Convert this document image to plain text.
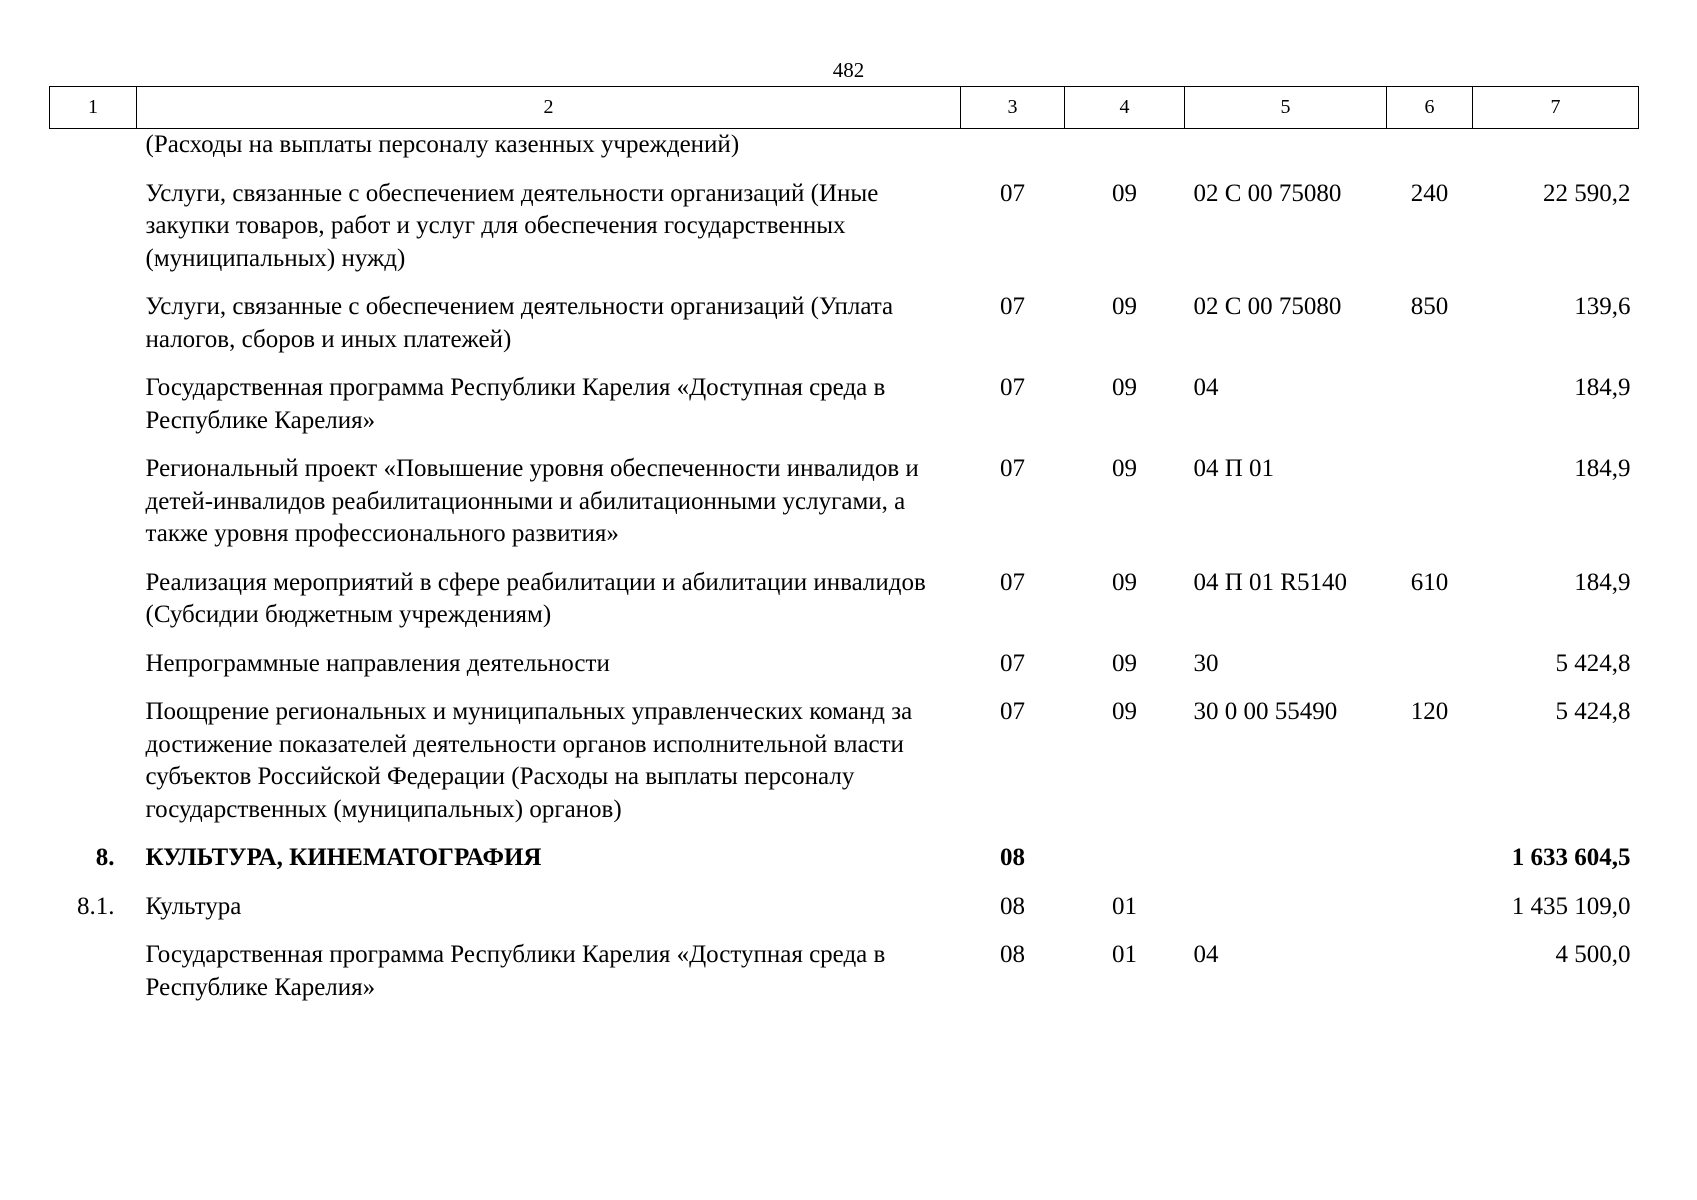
482
1	2	3	4	5	6	7
	(Расходы на выплаты персоналу казенных учреждений)					
	Услуги, связанные с обеспечением деятельности организаций (Иные закупки товаров, работ и услуг для обеспечения государственных (муниципальных) нужд)	07	09	02 С 00 75080	240	22 590,2
	Услуги, связанные с обеспечением деятельности организаций (Уплата налогов, сборов и иных платежей)	07	09	02 С 00 75080	850	139,6
	Государственная программа Республики Карелия «Доступная среда в Республике Карелия»	07	09	04		184,9
	Региональный проект «Повышение уровня обеспеченности инвалидов и детей-инвалидов реабилитационными и абилитационными услугами, а также уровня профессионального развития»	07	09	04 П 01		184,9
	Реализация мероприятий в сфере реабилитации и абилитации инвалидов (Субсидии бюджетным учреждениям)	07	09	04 П 01 R5140	610	184,9
	Непрограммные направления деятельности	07	09	30		5 424,8
	Поощрение региональных и муниципальных управленческих команд за достижение показателей деятельности органов исполнительной власти субъектов Российской Федерации (Расходы на выплаты персоналу государственных (муниципальных) органов)	07	09	30 0 00 55490	120	5 424,8
8.	КУЛЬТУРА, КИНЕМАТОГРАФИЯ	08				1 633 604,5
8.1.	Культура	08	01			1 435 109,0
	Государственная программа Республики Карелия «Доступная среда в Республике Карелия»	08	01	04		4 500,0
